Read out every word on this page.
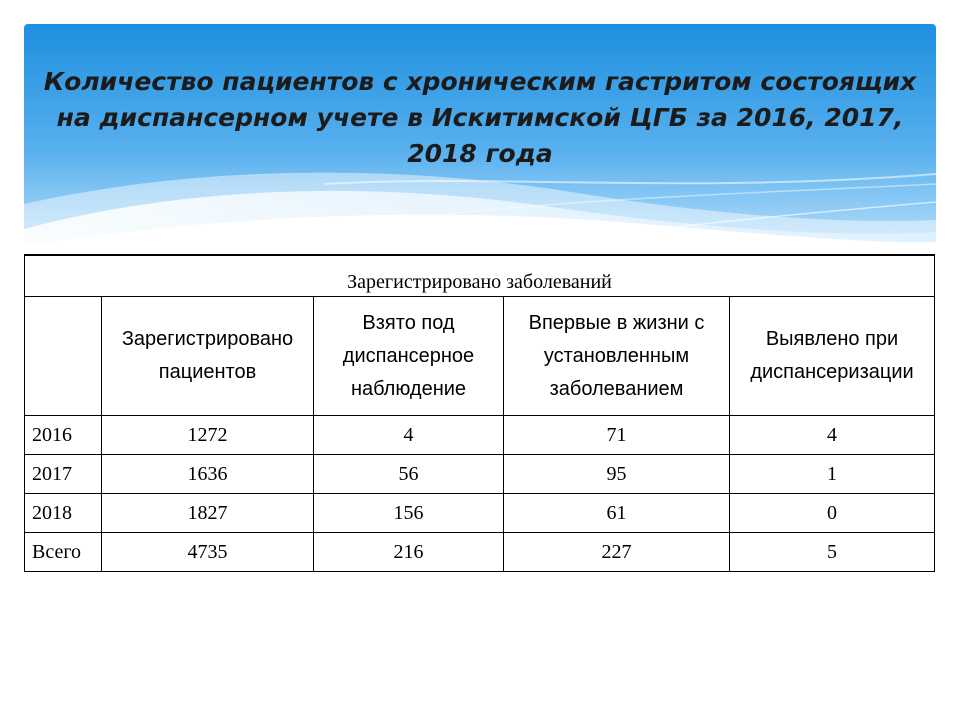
Количество пациентов с хроническим гастритом состоящих на диспансерном учете в Искитимской ЦГБ за 2016, 2017, 2018 года
Зарегистрировано заболеваний				
	Зарегистрировано пациентов	Взято под диспансерное наблюдение	Впервые в жизни с установленным заболеванием	Выявлено при диспансеризации
2016	1272	4	71	4
2017	1636	56	95	1
2018	1827	156	61	0
Всего	4735	216	227	5
